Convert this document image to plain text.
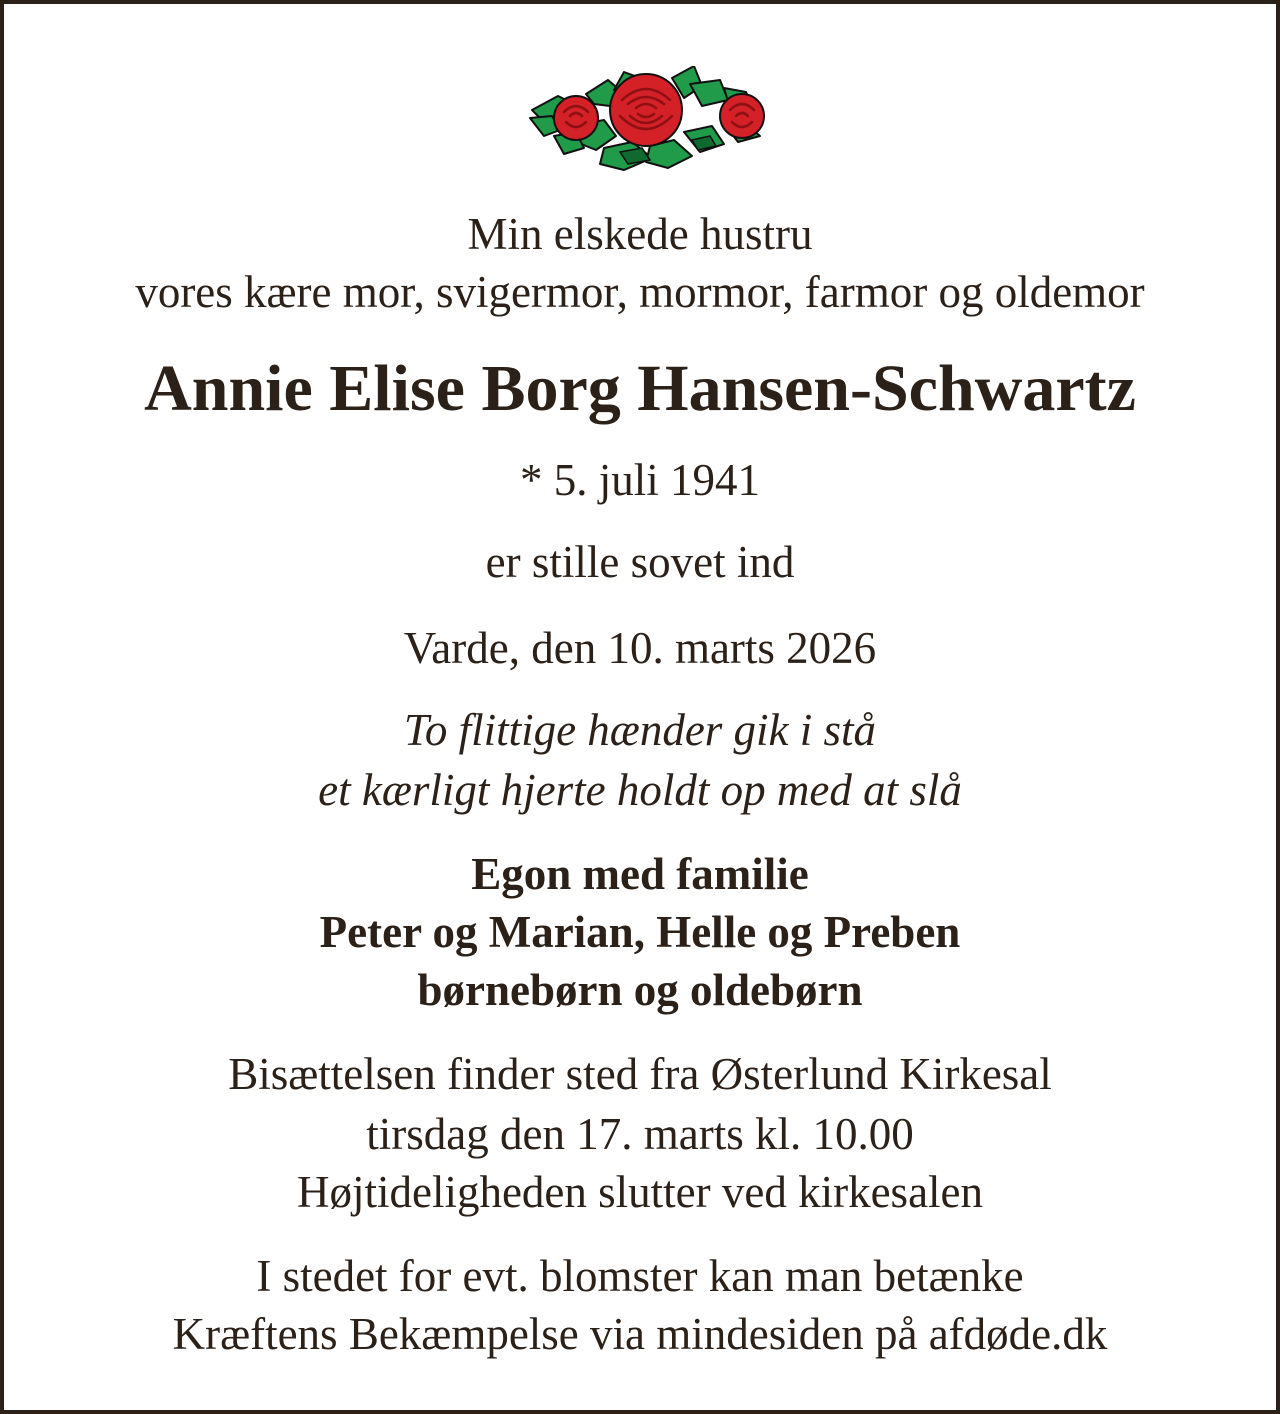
Min elskede hustru
vores kære mor, svigermor, mormor, farmor og oldemor
Annie Elise Borg Hansen-Schwartz
* 5. juli 1941
er stille sovet ind
Varde, den 10. marts 2026
To flittige hænder gik i stå
et kærligt hjerte holdt op med at slå
Egon med familie
Peter og Marian, Helle og Preben
børnebørn og oldebørn
Bisættelsen finder sted fra Østerlund Kirkesal
tirsdag den 17. marts kl. 10.00
Højtideligheden slutter ved kirkesalen
I stedet for evt. blomster kan man betænke
Kræftens Bekæmpelse via mindesiden på afdøde.dk
